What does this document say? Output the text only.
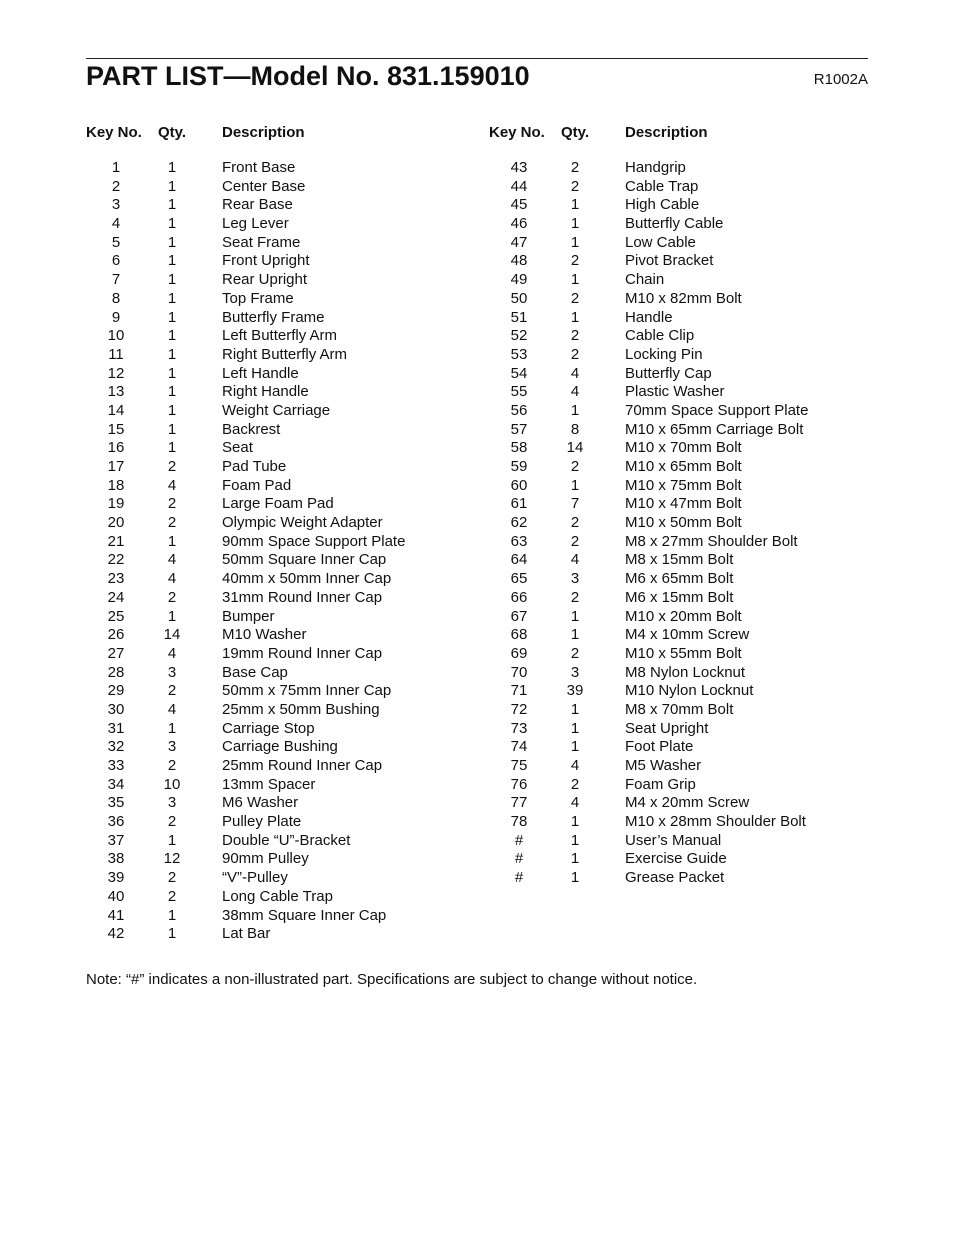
PART LIST—Model No. 831.159010	R1002A
Key No.	Qty.	Description
1	1	Front Base
2	1	Center Base
3	1	Rear Base
4	1	Leg Lever
5	1	Seat Frame
6	1	Front Upright
7	1	Rear Upright
8	1	Top Frame
9	1	Butterfly Frame
10	1	Left Butterfly Arm
11	1	Right Butterfly Arm
12	1	Left Handle
13	1	Right Handle
14	1	Weight Carriage
15	1	Backrest
16	1	Seat
17	2	Pad Tube
18	4	Foam Pad
19	2	Large Foam Pad
20	2	Olympic Weight Adapter
21	1	90mm Space Support Plate
22	4	50mm Square Inner Cap
23	4	40mm x 50mm Inner Cap
24	2	31mm Round Inner Cap
25	1	Bumper
26	14	M10 Washer
27	4	19mm Round Inner Cap
28	3	Base Cap
29	2	50mm x 75mm Inner Cap
30	4	25mm x 50mm Bushing
31	1	Carriage Stop
32	3	Carriage Bushing
33	2	25mm Round Inner Cap
34	10	13mm Spacer
35	3	M6 Washer
36	2	Pulley Plate
37	1	Double “U”-Bracket
38	12	90mm Pulley
39	2	“V”-Pulley
40	2	Long Cable Trap
41	1	38mm Square Inner Cap
42	1	Lat Bar
Key No.	Qty.	Description
43	2	Handgrip
44	2	Cable Trap
45	1	High Cable
46	1	Butterfly Cable
47	1	Low Cable
48	2	Pivot Bracket
49	1	Chain
50	2	M10 x 82mm Bolt
51	1	Handle
52	2	Cable Clip
53	2	Locking Pin
54	4	Butterfly Cap
55	4	Plastic Washer
56	1	70mm Space Support Plate
57	8	M10 x 65mm Carriage Bolt
58	14	M10 x 70mm Bolt
59	2	M10 x 65mm Bolt
60	1	M10 x 75mm Bolt
61	7	M10 x 47mm Bolt
62	2	M10 x 50mm Bolt
63	2	M8 x 27mm Shoulder Bolt
64	4	M8 x 15mm Bolt
65	3	M6 x 65mm Bolt
66	2	M6 x 15mm Bolt
67	1	M10 x 20mm Bolt
68	1	M4 x 10mm Screw
69	2	M10 x 55mm Bolt
70	3	M8 Nylon Locknut
71	39	M10 Nylon Locknut
72	1	M8 x 70mm Bolt
73	1	Seat Upright
74	1	Foot Plate
75	4	M5 Washer
76	2	Foam Grip
77	4	M4 x 20mm Screw
78	1	M10 x 28mm Shoulder Bolt
#	1	User’s Manual
#	1	Exercise Guide
#	1	Grease Packet
Note: “#” indicates a non-illustrated part. Specifications are subject to change without notice.
